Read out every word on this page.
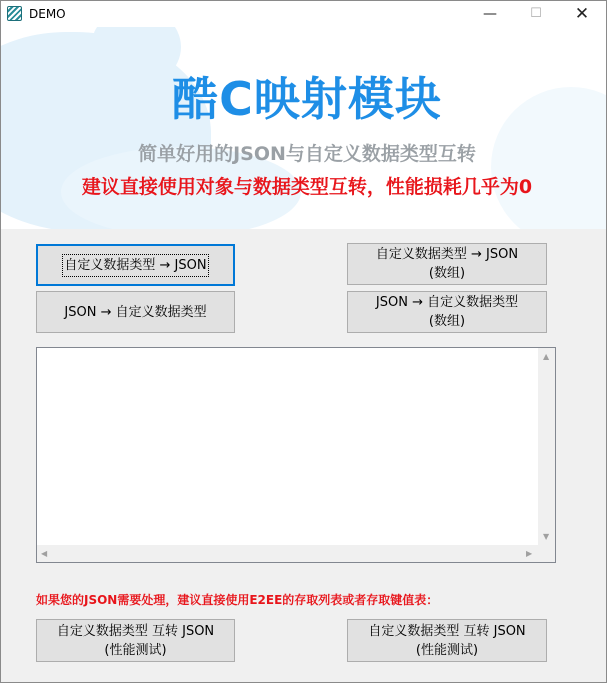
DEMO	—	☐	✕
酷C映射模块
简单好用的JSON与自定义数据类型互转
建议直接使用对象与数据类型互转，性能损耗几乎为0
自定义数据类型 → JSON
JSON → 自定义数据类型
自定义数据类型 → JSON
(数组)
JSON → 自定义数据类型
(数组)
▲
▼
◀	▶
如果您的JSON需要处理，建议直接使用E2EE的存取列表或者存取键值表：
自定义数据类型 互转 JSON
(性能测试)
自定义数据类型 互转 JSON
(性能测试)
